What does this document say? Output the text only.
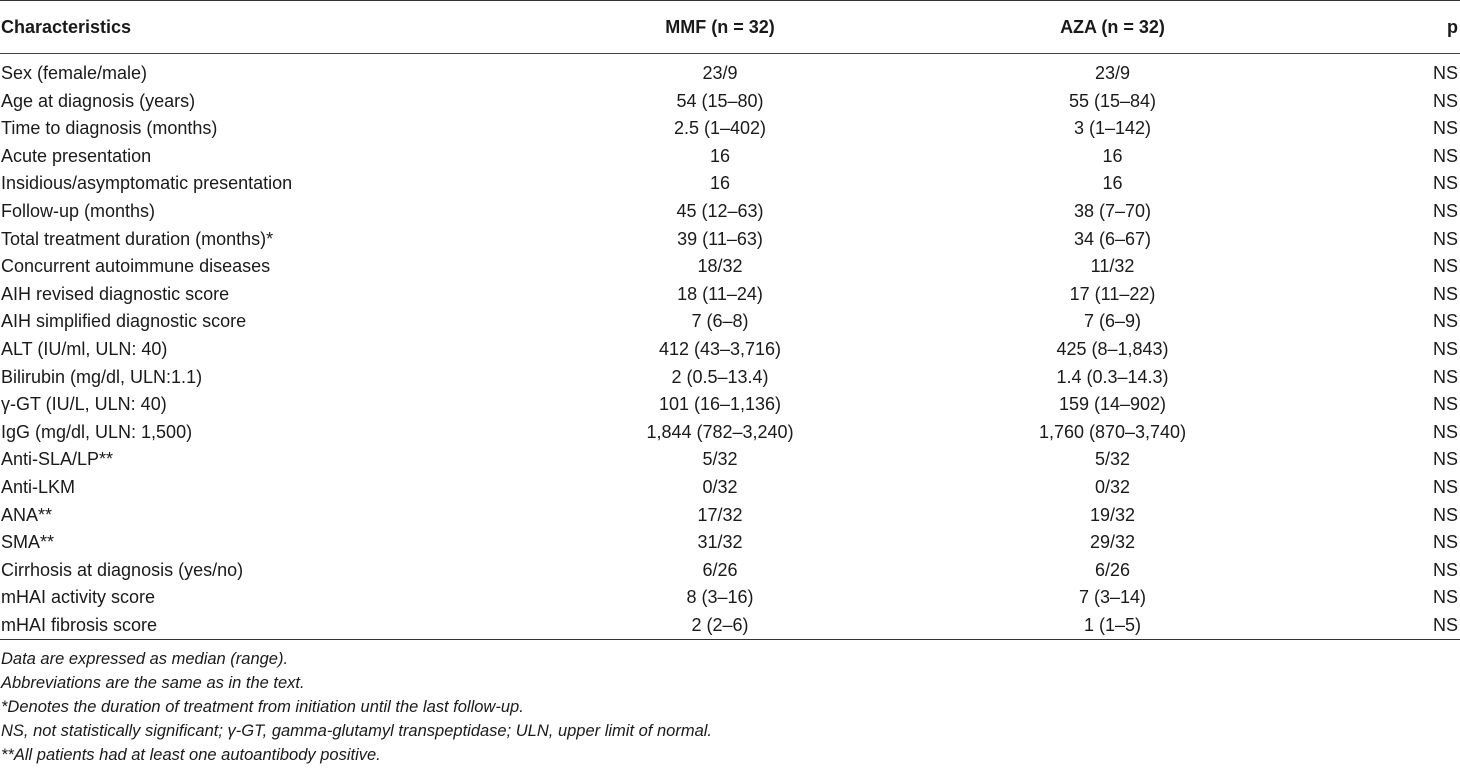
Characteristics	MMF (n = 32)	AZA (n = 32)	p
Sex (female/male)	23/9	23/9	NS
Age at diagnosis (years)	54 (15–80)	55 (15–84)	NS
Time to diagnosis (months)	2.5 (1–402)	3 (1–142)	NS
Acute presentation	16	16	NS
Insidious/asymptomatic presentation	16	16	NS
Follow-up (months)	45 (12–63)	38 (7–70)	NS
Total treatment duration (months)*	39 (11–63)	34 (6–67)	NS
Concurrent autoimmune diseases	18/32	11/32	NS
AIH revised diagnostic score	18 (11–24)	17 (11–22)	NS
AIH simplified diagnostic score	7 (6–8)	7 (6–9)	NS
ALT (IU/ml, ULN: 40)	412 (43–3,716)	425 (8–1,843)	NS
Bilirubin (mg/dl, ULN:1.1)	2 (0.5–13.4)	1.4 (0.3–14.3)	NS
γ-GT (IU/L, ULN: 40)	101 (16–1,136)	159 (14–902)	NS
IgG (mg/dl, ULN: 1,500)	1,844 (782–3,240)	1,760 (870–3,740)	NS
Anti-SLA/LP**	5/32	5/32	NS
Anti-LKM	0/32	0/32	NS
ANA**	17/32	19/32	NS
SMA**	31/32	29/32	NS
Cirrhosis at diagnosis (yes/no)	6/26	6/26	NS
mHAI activity score	8 (3–16)	7 (3–14)	NS
mHAI fibrosis score	2 (2–6)	1 (1–5)	NS

Data are expressed as median (range).
Abbreviations are the same as in the text.
*Denotes the duration of treatment from initiation until the last follow-up.
NS, not statistically significant; γ-GT, gamma-glutamyl transpeptidase; ULN, upper limit of normal.
**All patients had at least one autoantibody positive.
